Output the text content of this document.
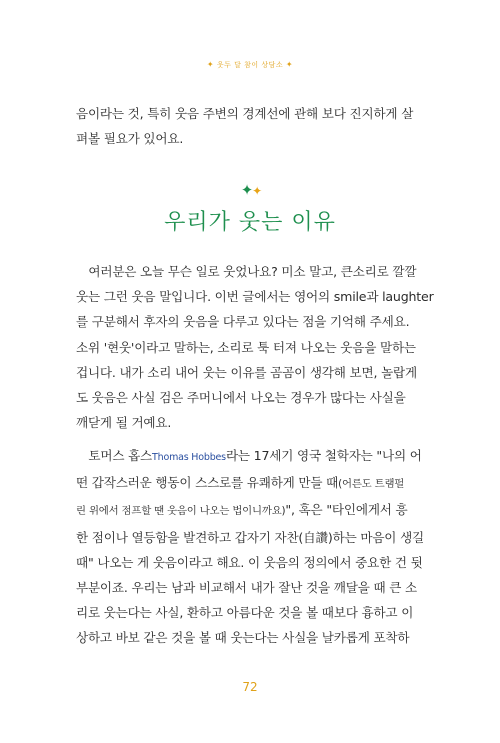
✦ 웃두 달 참이 상담소 ✦
음이라는 것, 특히 웃음 주변의 경계선에 관해 보다 진지하게 살
펴볼 필요가 있어요.
✦ ✦
우리가 웃는 이유
　여러분은 오늘 무슨 일로 웃었나요? 미소 말고, 큰소리로 깔깔
웃는 그런 웃음 말입니다. 이번 글에서는 영어의 smile과 laughter
를 구분해서 후자의 웃음을 다루고 있다는 점을 기억해 주세요.
소위 '현웃'이라고 말하는, 소리로 툭 터져 나오는 웃음을 말하는
겁니다. 내가 소리 내어 웃는 이유를 곰곰이 생각해 보면, 놀랍게
도 웃음은 사실 검은 주머니에서 나오는 경우가 많다는 사실을
깨닫게 될 거예요.
　토머스 홉스Thomas Hobbes라는 17세기 영국 철학자는 "나의 어
떤 갑작스러운 행동이 스스로를 유쾌하게 만들 때(어른도 트램펄
린 위에서 점프할 땐 웃음이 나오는 법이니까요)", 혹은 "타인에게서 흥
한 점이나 열등함을 발견하고 갑자기 자찬(自讚)하는 마음이 생길
때" 나오는 게 웃음이라고 해요. 이 웃음의 정의에서 중요한 건 뒷
부분이죠. 우리는 남과 비교해서 내가 잘난 것을 깨달을 때 큰 소
리로 웃는다는 사실, 환하고 아름다운 것을 볼 때보다 흉하고 이
상하고 바보 같은 것을 볼 때 웃는다는 사실을 날카롭게 포착하
72
